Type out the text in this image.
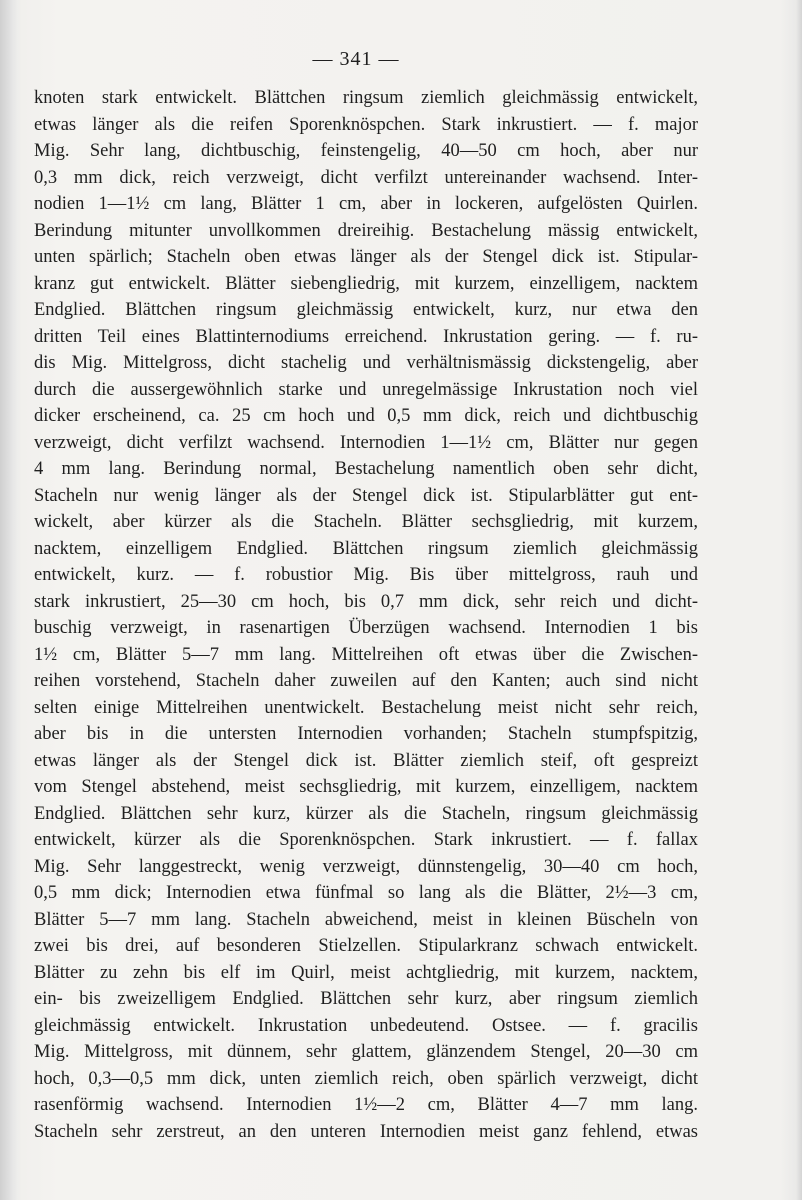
— 341 —
knoten stark entwickelt. Blättchen ringsum ziemlich gleichmässig entwickelt,
etwas länger als die reifen Sporenknöspchen. Stark inkrustiert. — f. major
Mig. Sehr lang, dichtbuschig, feinstengelig, 40—50 cm hoch, aber nur
0,3 mm dick, reich verzweigt, dicht verfilzt untereinander wachsend. Inter-
nodien 1—1½ cm lang, Blätter 1 cm, aber in lockeren, aufgelösten Quirlen.
Berindung mitunter unvollkommen dreireihig. Bestachelung mässig entwickelt,
unten spärlich; Stacheln oben etwas länger als der Stengel dick ist. Stipular-
kranz gut entwickelt. Blätter siebengliedrig, mit kurzem, einzelligem, nacktem
Endglied. Blättchen ringsum gleichmässig entwickelt, kurz, nur etwa den
dritten Teil eines Blattinternodiums erreichend. Inkrustation gering. — f. ru-
dis Mig. Mittelgross, dicht stachelig und verhältnismässig dickstengelig, aber
durch die aussergewöhnlich starke und unregelmässige Inkrustation noch viel
dicker erscheinend, ca. 25 cm hoch und 0,5 mm dick, reich und dichtbuschig
verzweigt, dicht verfilzt wachsend. Internodien 1—1½ cm, Blätter nur gegen
4 mm lang. Berindung normal, Bestachelung namentlich oben sehr dicht,
Stacheln nur wenig länger als der Stengel dick ist. Stipularblätter gut ent-
wickelt, aber kürzer als die Stacheln. Blätter sechsgliedrig, mit kurzem,
nacktem, einzelligem Endglied. Blättchen ringsum ziemlich gleichmässig
entwickelt, kurz. — f. robustior Mig. Bis über mittelgross, rauh und
stark inkrustiert, 25—30 cm hoch, bis 0,7 mm dick, sehr reich und dicht-
buschig verzweigt, in rasenartigen Überzügen wachsend. Internodien 1 bis
1½ cm, Blätter 5—7 mm lang. Mittelreihen oft etwas über die Zwischen-
reihen vorstehend, Stacheln daher zuweilen auf den Kanten; auch sind nicht
selten einige Mittelreihen unentwickelt. Bestachelung meist nicht sehr reich,
aber bis in die untersten Internodien vorhanden; Stacheln stumpfspitzig,
etwas länger als der Stengel dick ist. Blätter ziemlich steif, oft gespreizt
vom Stengel abstehend, meist sechsgliedrig, mit kurzem, einzelligem, nacktem
Endglied. Blättchen sehr kurz, kürzer als die Stacheln, ringsum gleichmässig
entwickelt, kürzer als die Sporenknöspchen. Stark inkrustiert. — f. fallax
Mig. Sehr langgestreckt, wenig verzweigt, dünnstengelig, 30—40 cm hoch,
0,5 mm dick; Internodien etwa fünfmal so lang als die Blätter, 2½—3 cm,
Blätter 5—7 mm lang. Stacheln abweichend, meist in kleinen Büscheln von
zwei bis drei, auf besonderen Stielzellen. Stipularkranz schwach entwickelt.
Blätter zu zehn bis elf im Quirl, meist achtgliedrig, mit kurzem, nacktem,
ein- bis zweizelligem Endglied. Blättchen sehr kurz, aber ringsum ziemlich
gleichmässig entwickelt. Inkrustation unbedeutend. Ostsee. — f. gracilis
Mig. Mittelgross, mit dünnem, sehr glattem, glänzendem Stengel, 20—30 cm
hoch, 0,3—0,5 mm dick, unten ziemlich reich, oben spärlich verzweigt, dicht
rasenförmig wachsend. Internodien 1½—2 cm, Blätter 4—7 mm lang.
Stacheln sehr zerstreut, an den unteren Internodien meist ganz fehlend, etwas
